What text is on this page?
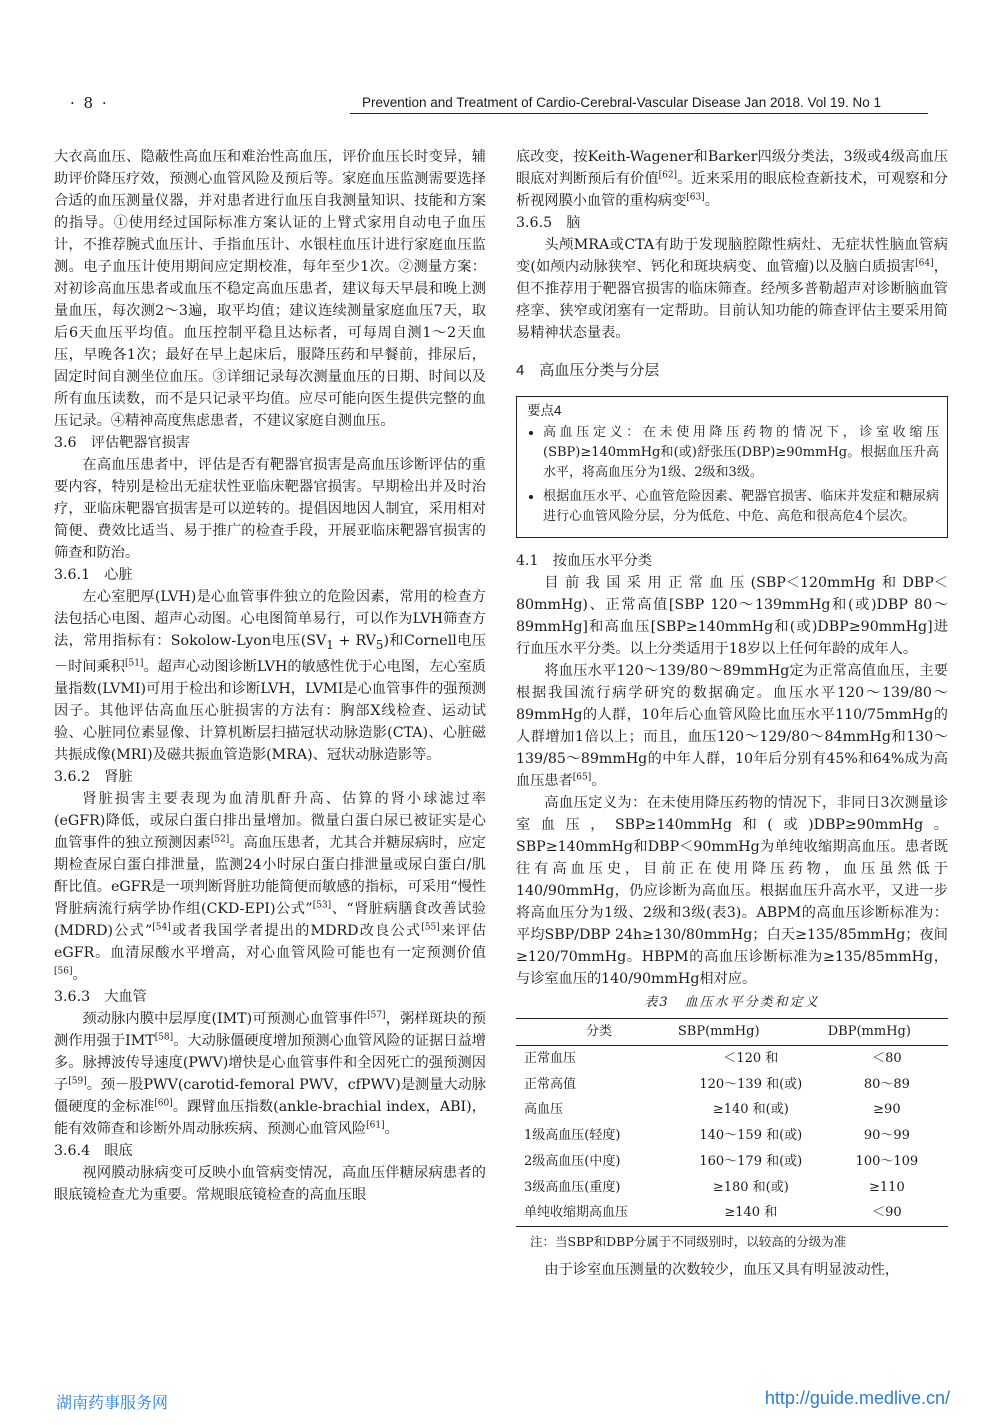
· 8 ·	Prevention and Treatment of Cardio-Cerebral-Vascular Disease Jan 2018. Vol 19. No 1

大衣高血压、隐蔽性高血压和难治性高血压，评价血压长时变异，辅助评价降压疗效，预测心血管风险及预后等。家庭血压监测需要选择合适的血压测量仪器，并对患者进行血压自我测量知识、技能和方案的指导。①使用经过国际标准方案认证的上臂式家用自动电子血压计，不推荐腕式血压计、手指血压计、水银柱血压计进行家庭血压监测。电子血压计使用期间应定期校准，每年至少1次。②测量方案：对初诊高血压患者或血压不稳定高血压患者，建议每天早晨和晚上测量血压，每次测2～3遍，取平均值；建议连续测量家庭血压7天，取后6天血压平均值。血压控制平稳且达标者，可每周自测1～2天血压，早晚各1次；最好在早上起床后，服降压药和早餐前，排尿后，固定时间自测坐位血压。③详细记录每次测量血压的日期、时间以及所有血压读数，而不是只记录平均值。应尽可能向医生提供完整的血压记录。④精神高度焦虑患者，不建议家庭自测血压。

3.6　评估靶器官损害

在高血压患者中，评估是否有靶器官损害是高血压诊断评估的重要内容，特别是检出无症状性亚临床靶器官损害。早期检出并及时治疗，亚临床靶器官损害是可以逆转的。提倡因地因人制宜，采用相对简便、费效比适当、易于推广的检查手段，开展亚临床靶器官损害的筛查和防治。

3.6.1　心脏

左心室肥厚(LVH)是心血管事件独立的危险因素，常用的检查方法包括心电图、超声心动图。心电图简单易行，可以作为LVH筛查方法，常用指标有：Sokolow-Lyon电压$(SV_1 + RV_5)$和Cornell电压－时间乘积[51]。超声心动图诊断LVH的敏感性优于心电图，左心室质量指数(LVMI)可用于检出和诊断LVH，LVMI是心血管事件的强预测因子。其他评估高血压心脏损害的方法有：胸部X线检查、运动试验、心脏同位素显像、计算机断层扫描冠状动脉造影(CTA)、心脏磁共振成像(MRI)及磁共振血管造影(MRA)、冠状动脉造影等。

3.6.2　肾脏

肾脏损害主要表现为血清肌酐升高、估算的肾小球滤过率(eGFR)降低，或尿白蛋白排出量增加。微量白蛋白尿已被证实是心血管事件的独立预测因素[52]。高血压患者，尤其合并糖尿病时，应定期检查尿白蛋白排泄量，监测24小时尿白蛋白排泄量或尿白蛋白/肌酐比值。eGFR是一项判断肾脏功能简便而敏感的指标，可采用“慢性肾脏病流行病学协作组(CKD-EPI)公式”[53]、“肾脏病膳食改善试验(MDRD)公式”[54]或者我国学者提出的MDRD改良公式[55]来评估eGFR。血清尿酸水平增高，对心血管风险可能也有一定预测价值[56]。

3.6.3　大血管

颈动脉内膜中层厚度(IMT)可预测心血管事件[57]，粥样斑块的预测作用强于IMT[58]。大动脉僵硬度增加预测心血管风险的证据日益增多。脉搏波传导速度(PWV)增快是心血管事件和全因死亡的强预测因子[59]。颈－股PWV(carotid-femoral PWV，cfPWV)是测量大动脉僵硬度的金标准[60]。踝臂血压指数(ankle-brachial index，ABI)，能有效筛查和诊断外周动脉疾病、预测心血管风险[61]。

3.6.4　眼底

视网膜动脉病变可反映小血管病变情况，高血压伴糖尿病患者的眼底镜检查尤为重要。常规眼底镜检查的高血压眼

底改变，按Keith-Wagener和Barker四级分类法，3级或4级高血压眼底对判断预后有价值[62]。近来采用的眼底检查新技术，可观察和分析视网膜小血管的重构病变[63]。

3.6.5　脑

头颅MRA或CTA有助于发现脑腔隙性病灶、无症状性脑血管病变(如颅内动脉狭窄、钙化和斑块病变、血管瘤)以及脑白质损害[64]，但不推荐用于靶器官损害的临床筛查。经颅多普勒超声对诊断脑血管痉挛、狭窄或闭塞有一定帮助。目前认知功能的筛查评估主要采用简易精神状态量表。

4　高血压分类与分层
要点4
• 高血压定义：在未使用降压药物的情况下，诊室收缩压(SBP)≥140mmHg和(或)舒张压(DBP)≥90mmHg。根据血压升高水平，将高血压分为1级、2级和3级。
• 根据血压水平、心血管危险因素、靶器官损害、临床并发症和糖尿病进行心血管风险分层，分为低危、中危、高危和很高危4个层次。
4.1　按血压水平分类

目前我国采用正常血压(SBP＜120mmHg和DBP＜80mmHg)、正常高值[SBP 120～139mmHg和(或)DBP 80～89mmHg]和高血压[SBP≥140mmHg和(或)DBP≥90mmHg]进行血压水平分类。以上分类适用于18岁以上任何年龄的成年人。

将血压水平120～139/80～89mmHg定为正常高值血压，主要根据我国流行病学研究的数据确定。血压水平120～139/80～89mmHg的人群，10年后心血管风险比血压水平110/75mmHg的人群增加1倍以上；而且，血压120～129/80～84mmHg和130～139/85～89mmHg的中年人群，10年后分别有45%和64%成为高血压患者[65]。

高血压定义为：在未使用降压药物的情况下，非同日3次测量诊室血压，SBP≥140mmHg和(或)DBP≥90mmHg。SBP≥140mmHg和DBP＜90mmHg为单纯收缩期高血压。患者既往有高血压史，目前正在使用降压药物，血压虽然低于140/90mmHg，仍应诊断为高血压。根据血压升高水平，又进一步将高血压分为1级、2级和3级(表3)。ABPM的高血压诊断标准为：平均SBP/DBP 24h≥130/80mmHg；白天≥135/85mmHg；夜间≥120/70mmHg。HBPM的高血压诊断标准为≥135/85mmHg，与诊室血压的140/90mmHg相对应。

表3　血压水平分类和定义
分类	SBP(mmHg)	DBP(mmHg)
正常血压	＜120 和	＜80
正常高值	120～139 和(或)	80～89
高血压	≥140 和(或)	≥90
1级高血压(轻度)	140～159 和(或)	90～99
2级高血压(中度)	160～179 和(或)	100～109
3级高血压(重度)	≥180 和(或)	≥110
单纯收缩期高血压	≥140 和	＜90
注：当SBP和DBP分属于不同级别时，以较高的分级为准

由于诊室血压测量的次数较少，血压又具有明显波动性，

湖南药事服务网	http://guide.medlive.cn/
